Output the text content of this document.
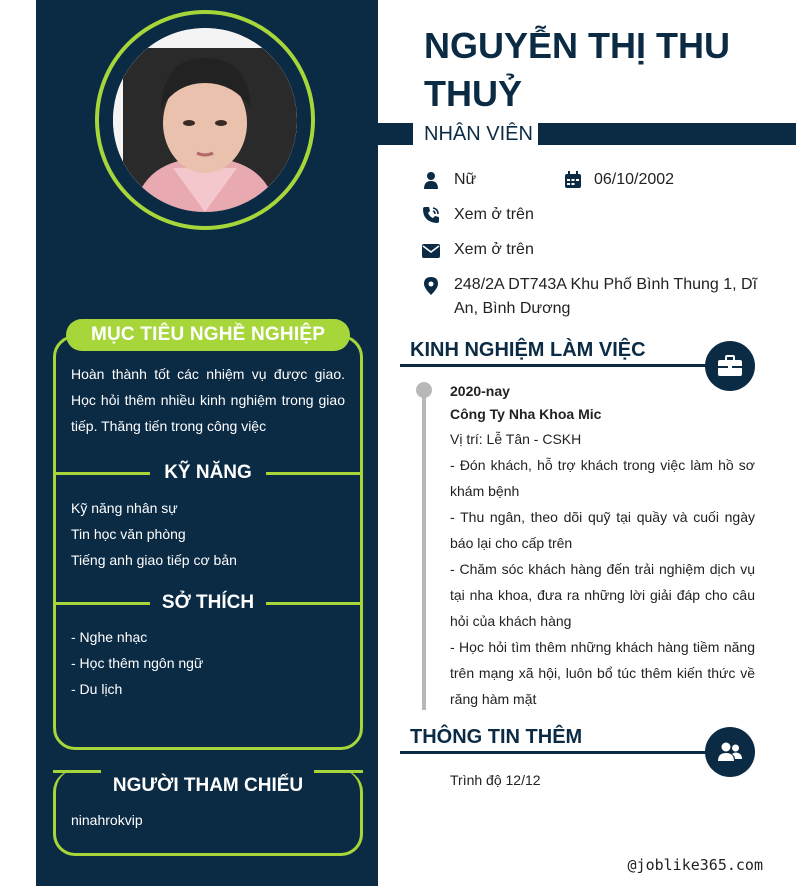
MỤC TIÊU NGHỀ NGHIỆP
Hoàn thành tốt các nhiệm vụ được giao. Học hỏi thêm nhiều kinh nghiệm trong giao tiếp. Thăng tiến trong công việc
KỸ NĂNG
Kỹ năng nhân sự
Tin học văn phòng
Tiếng anh giao tiếp cơ bản
SỞ THÍCH
- Nghe nhạc
- Học thêm ngôn ngữ
- Du lịch
NGƯỜI THAM CHIẾU
ninahrokvip
NGUYỄN THỊ THU THUỶ
NHÂN VIÊN
Nữ	06/10/2002
Xem ở trên
Xem ở trên
248/2A DT743A Khu Phố Bình Thung 1, Dĩ An, Bình Dương
KINH NGHIỆM LÀM VIỆC
2020-nay
Công Ty Nha Khoa Mic
Vị trí: Lễ Tân - CSKH
- Đón khách, hỗ trợ khách trong việc làm hồ sơ khám bệnh
- Thu ngân, theo dõi quỹ tại quầy và cuối ngày báo lại cho cấp trên
- Chăm sóc khách hàng đến trải nghiệm dịch vụ tại nha khoa, đưa ra những lời giải đáp cho câu hỏi của khách hàng
- Học hỏi tìm thêm những khách hàng tiềm năng trên mạng xã hội, luôn bổ túc thêm kiến thức về răng hàm mặt
THÔNG TIN THÊM
Trình độ 12/12
@joblike365.com
